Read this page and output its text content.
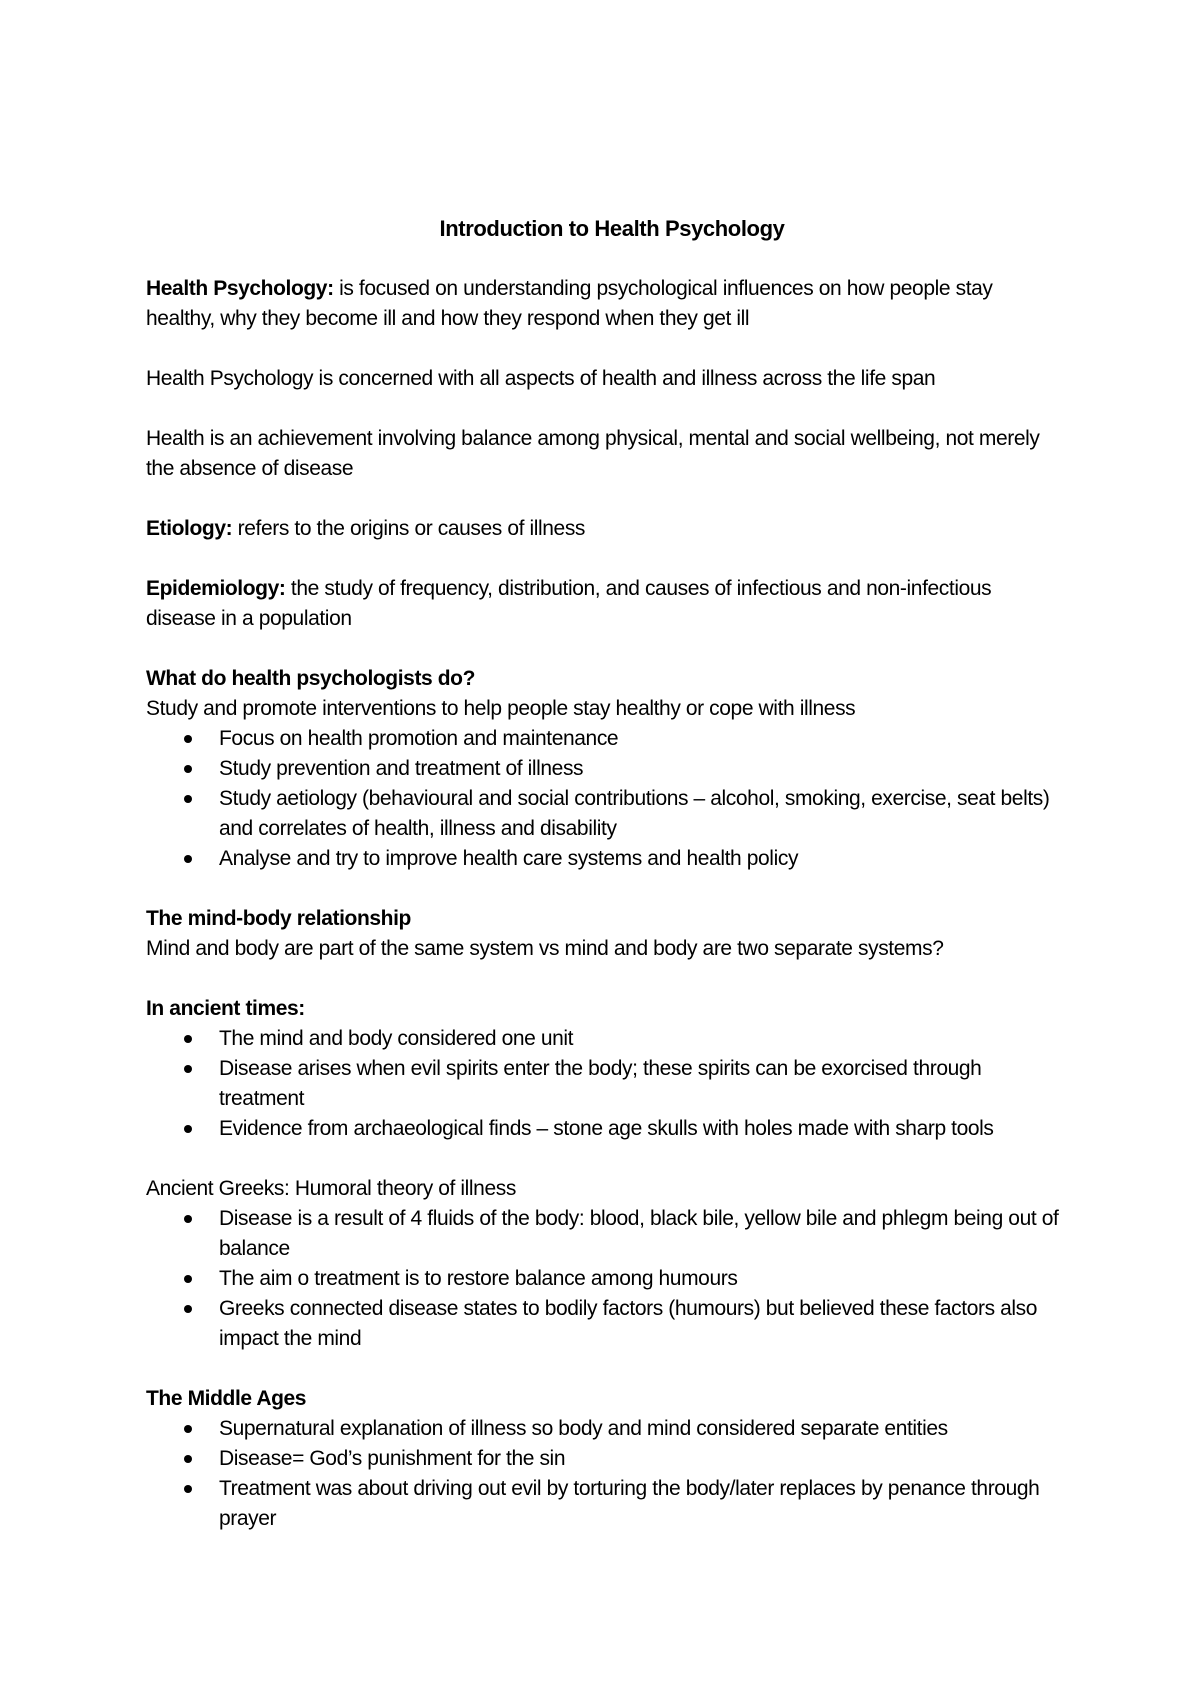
Introduction to Health Psychology

Health Psychology: is focused on understanding psychological influences on how people stay healthy, why they become ill and how they respond when they get ill

Health Psychology is concerned with all aspects of health and illness across the life span

Health is an achievement involving balance among physical, mental and social wellbeing, not merely the absence of disease

Etiology: refers to the origins or causes of illness

Epidemiology: the study of frequency, distribution, and causes of infectious and non-infectious disease in a population

What do health psychologists do?
Study and promote interventions to help people stay healthy or cope with illness
Focus on health promotion and maintenance
Study prevention and treatment of illness
Study aetiology (behavioural and social contributions – alcohol, smoking, exercise, seat belts) and correlates of health, illness and disability
Analyse and try to improve health care systems and health policy
The mind-body relationship
Mind and body are part of the same system vs mind and body are two separate systems?
In ancient times:
The mind and body considered one unit
Disease arises when evil spirits enter the body; these spirits can be exorcised through treatment
Evidence from archaeological finds – stone age skulls with holes made with sharp tools
Ancient Greeks: Humoral theory of illness
Disease is a result of 4 fluids of the body: blood, black bile, yellow bile and phlegm being out of balance
The aim o treatment is to restore balance among humours
Greeks connected disease states to bodily factors (humours) but believed these factors also impact the mind
The Middle Ages
Supernatural explanation of illness so body and mind considered separate entities
Disease= God’s punishment for the sin
Treatment was about driving out evil by torturing the body/later replaces by penance through prayer
